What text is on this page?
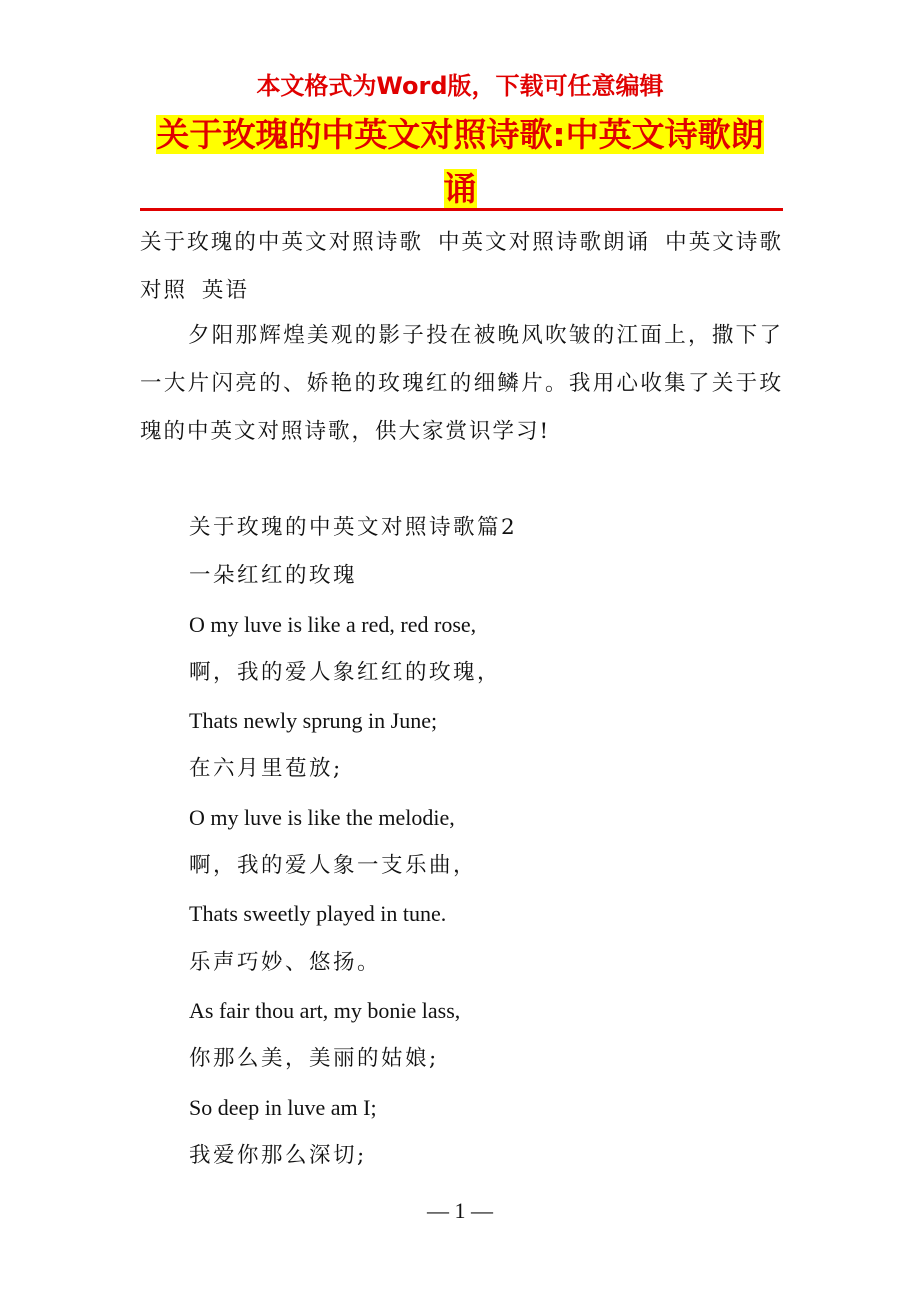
本文格式为Word版，下载可任意编辑
关于玫瑰的中英文对照诗歌:中英文诗歌朗诵
关于玫瑰的中英文对照诗歌 中英文对照诗歌朗诵 中英文诗歌对照 英语
夕阳那辉煌美观的影子投在被晚风吹皱的江面上，撒下了一大片闪亮的、娇艳的玫瑰红的细鳞片。我用心收集了关于玫瑰的中英文对照诗歌，供大家赏识学习!
关于玫瑰的中英文对照诗歌篇2
一朵红红的玫瑰
O my luve is like a red, red rose,
啊，我的爱人象红红的玫瑰，
Thats newly sprung in June;
在六月里苞放;
O my luve is like the melodie,
啊，我的爱人象一支乐曲，
Thats sweetly played in tune.
乐声巧妙、悠扬。
As fair thou art, my bonie lass,
你那么美，美丽的姑娘;
So deep in luve am I;
我爱你那么深切;
— 1 —
